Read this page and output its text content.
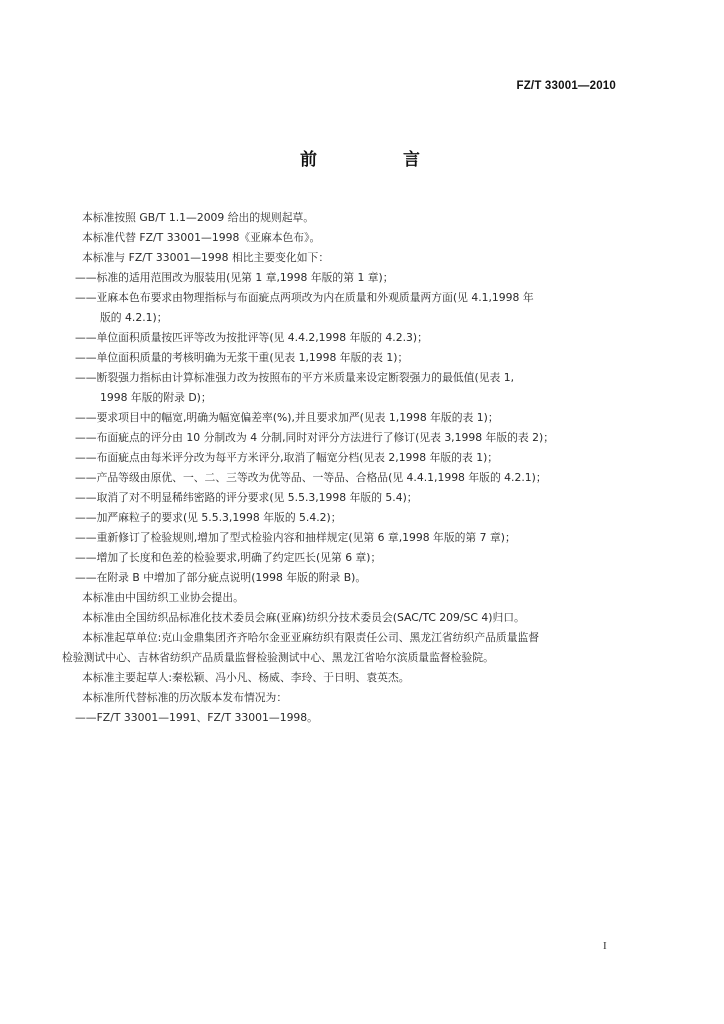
FZ/T 33001—2010
前 言
本标准按照 GB/T 1.1—2009 给出的规则起草。
本标准代替 FZ/T 33001—1998《亚麻本色布》。
本标准与 FZ/T 33001—1998 相比主要变化如下：
——标准的适用范围改为服装用(见第 1 章,1998 年版的第 1 章)；
——亚麻本色布要求由物理指标与布面疵点两项改为内在质量和外观质量两方面(见 4.1,1998 年
版的 4.2.1)；
——单位面积质量按匹评等改为按批评等(见 4.4.2,1998 年版的 4.2.3)；
——单位面积质量的考核明确为无浆干重(见表 1,1998 年版的表 1)；
——断裂强力指标由计算标准强力改为按照布的平方米质量来设定断裂强力的最低值(见表 1,
1998 年版的附录 D)；
——要求项目中的幅宽,明确为幅宽偏差率(%),并且要求加严(见表 1,1998 年版的表 1)；
——布面疵点的评分由 10 分制改为 4 分制,同时对评分方法进行了修订(见表 3,1998 年版的表 2)；
——布面疵点由每米评分改为每平方米评分,取消了幅宽分档(见表 2,1998 年版的表 1)；
——产品等级由原优、一、二、三等改为优等品、一等品、合格品(见 4.4.1,1998 年版的 4.2.1)；
——取消了对不明显稀纬密路的评分要求(见 5.5.3,1998 年版的 5.4)；
——加严麻粒子的要求(见 5.5.3,1998 年版的 5.4.2)；
——重新修订了检验规则,增加了型式检验内容和抽样规定(见第 6 章,1998 年版的第 7 章)；
——增加了长度和色差的检验要求,明确了约定匹长(见第 6 章)；
——在附录 B 中增加了部分疵点说明(1998 年版的附录 B)。
本标准由中国纺织工业协会提出。
本标准由全国纺织品标准化技术委员会麻(亚麻)纺织分技术委员会(SAC/TC 209/SC 4)归口。
本标准起草单位:克山金鼎集团齐齐哈尔金亚亚麻纺织有限责任公司、黑龙江省纺织产品质量监督
检验测试中心、吉林省纺织产品质量监督检验测试中心、黑龙江省哈尔滨质量监督检验院。
本标准主要起草人:秦松颖、冯小凡、杨威、李玲、于日明、袁英杰。
本标准所代替标准的历次版本发布情况为：
——FZ/T 33001—1991、FZ/T 33001—1998。
I
